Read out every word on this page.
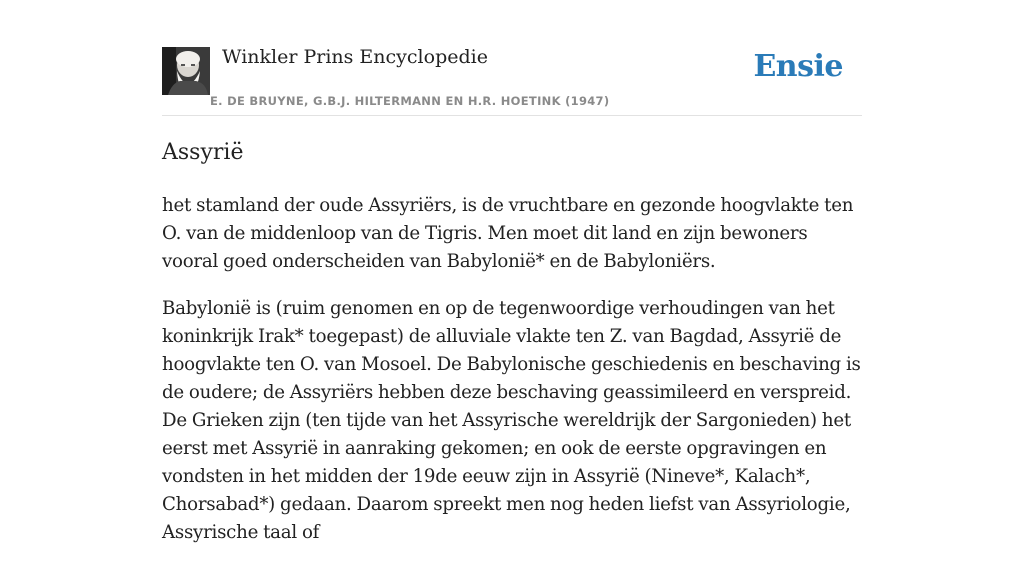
Winkler Prins Encyclopedie
E. DE BRUYNE, G.B.J. HILTERMANN EN H.R. HOETINK (1947)
Ensie
Assyrië

het stamland der oude Assyriërs, is de vruchtbare en gezonde hoogvlakte ten O. van de middenloop van de Tigris. Men moet dit land en zijn bewoners vooral goed onderscheiden van Babylonië* en de Babyloniërs.

Babylonië is (ruim genomen en op de tegenwoordige verhoudingen van het koninkrijk Irak* toegepast) de alluviale vlakte ten Z. van Bagdad, Assyrië de hoogvlakte ten O. van Mosoel. De Babylonische geschiedenis en beschaving is de oudere; de Assyriërs hebben deze beschaving geassimileerd en verspreid. De Grieken zijn (ten tijde van het Assyrische wereldrijk der Sargonieden) het eerst met Assyrië in aanraking gekomen; en ook de eerste opgravingen en vondsten in het midden der 19de eeuw zijn in Assyrië (Nineve*, Kalach*, Chorsabad*) gedaan. Daarom spreekt men nog heden liefst van Assyriologie, Assyrische taal of
